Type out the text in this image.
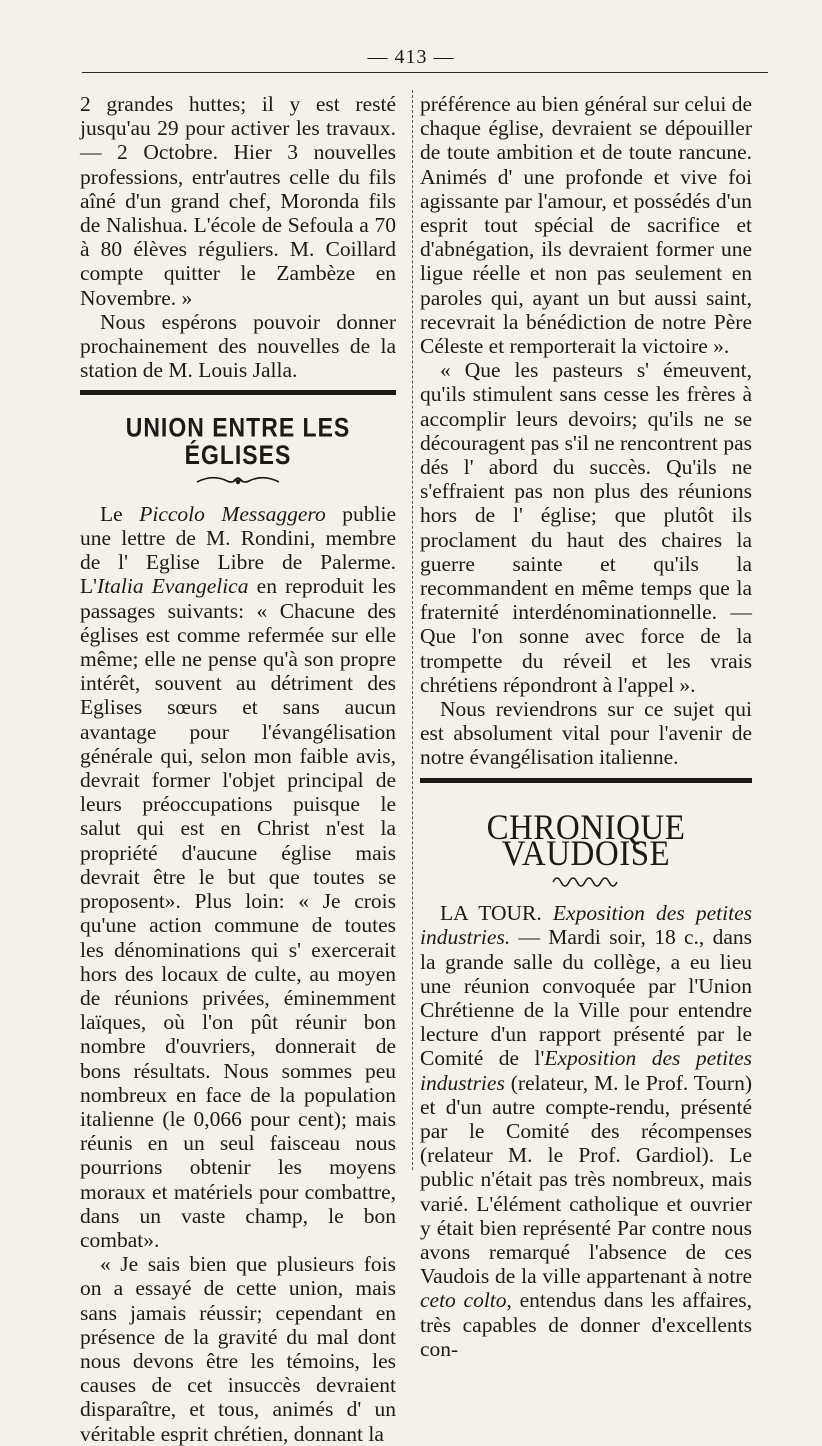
— 413 —

2 grandes huttes; il y est resté jusqu'au 29 pour activer les travaux. — 2 Octobre. Hier 3 nouvelles professions, entr'autres celle du fils aîné d'un grand chef, Moronda fils de Nalishua. L'école de Sefoula a 70 à 80 élèves réguliers. M. Coillard compte quitter le Zambèze en Novembre. »

Nous espérons pouvoir donner prochainement des nouvelles de la station de M. Louis Jalla.

UNION ENTRE LES ÉGLISES

Le Piccolo Messaggero publie une lettre de M. Rondini, membre de l' Eglise Libre de Palerme. L'Italia Evangelica en reproduit les passages suivants: « Chacune des églises est comme refermée sur elle même; elle ne pense qu'à son propre intérêt, souvent au détriment des Eglises sœurs et sans aucun avantage pour l'évangélisation générale qui, selon mon faible avis, devrait former l'objet principal de leurs préoccupations puisque le salut qui est en Christ n'est la propriété d'aucune église mais devrait être le but que toutes se proposent». Plus loin: « Je crois qu'une action commune de toutes les dénominations qui s' exercerait hors des locaux de culte, au moyen de réunions privées, éminemment laïques, où l'on pût réunir bon nombre d'ouvriers, donnerait de bons résultats. Nous sommes peu nombreux en face de la population italienne (le 0,066 pour cent); mais réunis en un seul faisceau nous pourrions obtenir les moyens moraux et matériels pour combattre, dans un vaste champ, le bon combat».

« Je sais bien que plusieurs fois on a essayé de cette union, mais sans jamais réussir; cependant en présence de la gravité du mal dont nous devons être les témoins, les causes de cet insuccès devraient disparaître, et tous, animés d' un véritable esprit chrétien, donnant la

préférence au bien général sur celui de chaque église, devraient se dépouiller de toute ambition et de toute rancune. Animés d' une profonde et vive foi agissante par l'amour, et possédés d'un esprit tout spécial de sacrifice et d'abnégation, ils devraient former une ligue réelle et non pas seulement en paroles qui, ayant un but aussi saint, recevrait la bénédiction de notre Père Céleste et remporterait la victoire ».

« Que les pasteurs s' émeuvent, qu'ils stimulent sans cesse les frères à accomplir leurs devoirs; qu'ils ne se découragent pas s'il ne rencontrent pas dés l' abord du succès. Qu'ils ne s'effraient pas non plus des réunions hors de l' église; que plutôt ils proclament du haut des chaires la guerre sainte et qu'ils la recommandent en même temps que la fraternité interdénominationnelle. — Que l'on sonne avec force de la trompette du réveil et les vrais chrétiens répondront à l'appel ».

Nous reviendrons sur ce sujet qui est absolument vital pour l'avenir de notre évangélisation italienne.

CHRONIQUE VAUDOISE

LA TOUR. Exposition des petites industries. — Mardi soir, 18 c., dans la grande salle du collège, a eu lieu une réunion convoquée par l'Union Chrétienne de la Ville pour entendre lecture d'un rapport présenté par le Comité de l'Exposition des petites industries (relateur, M. le Prof. Tourn) et d'un autre compte-rendu, présenté par le Comité des récompenses (relateur M. le Prof. Gardiol). Le public n'était pas très nombreux, mais varié. L'élément catholique et ouvrier y était bien représenté Par contre nous avons remarqué l'absence de ces Vaudois de la ville appartenant à notre ceto colto, entendus dans les affaires, très capables de donner d'excellents con-
